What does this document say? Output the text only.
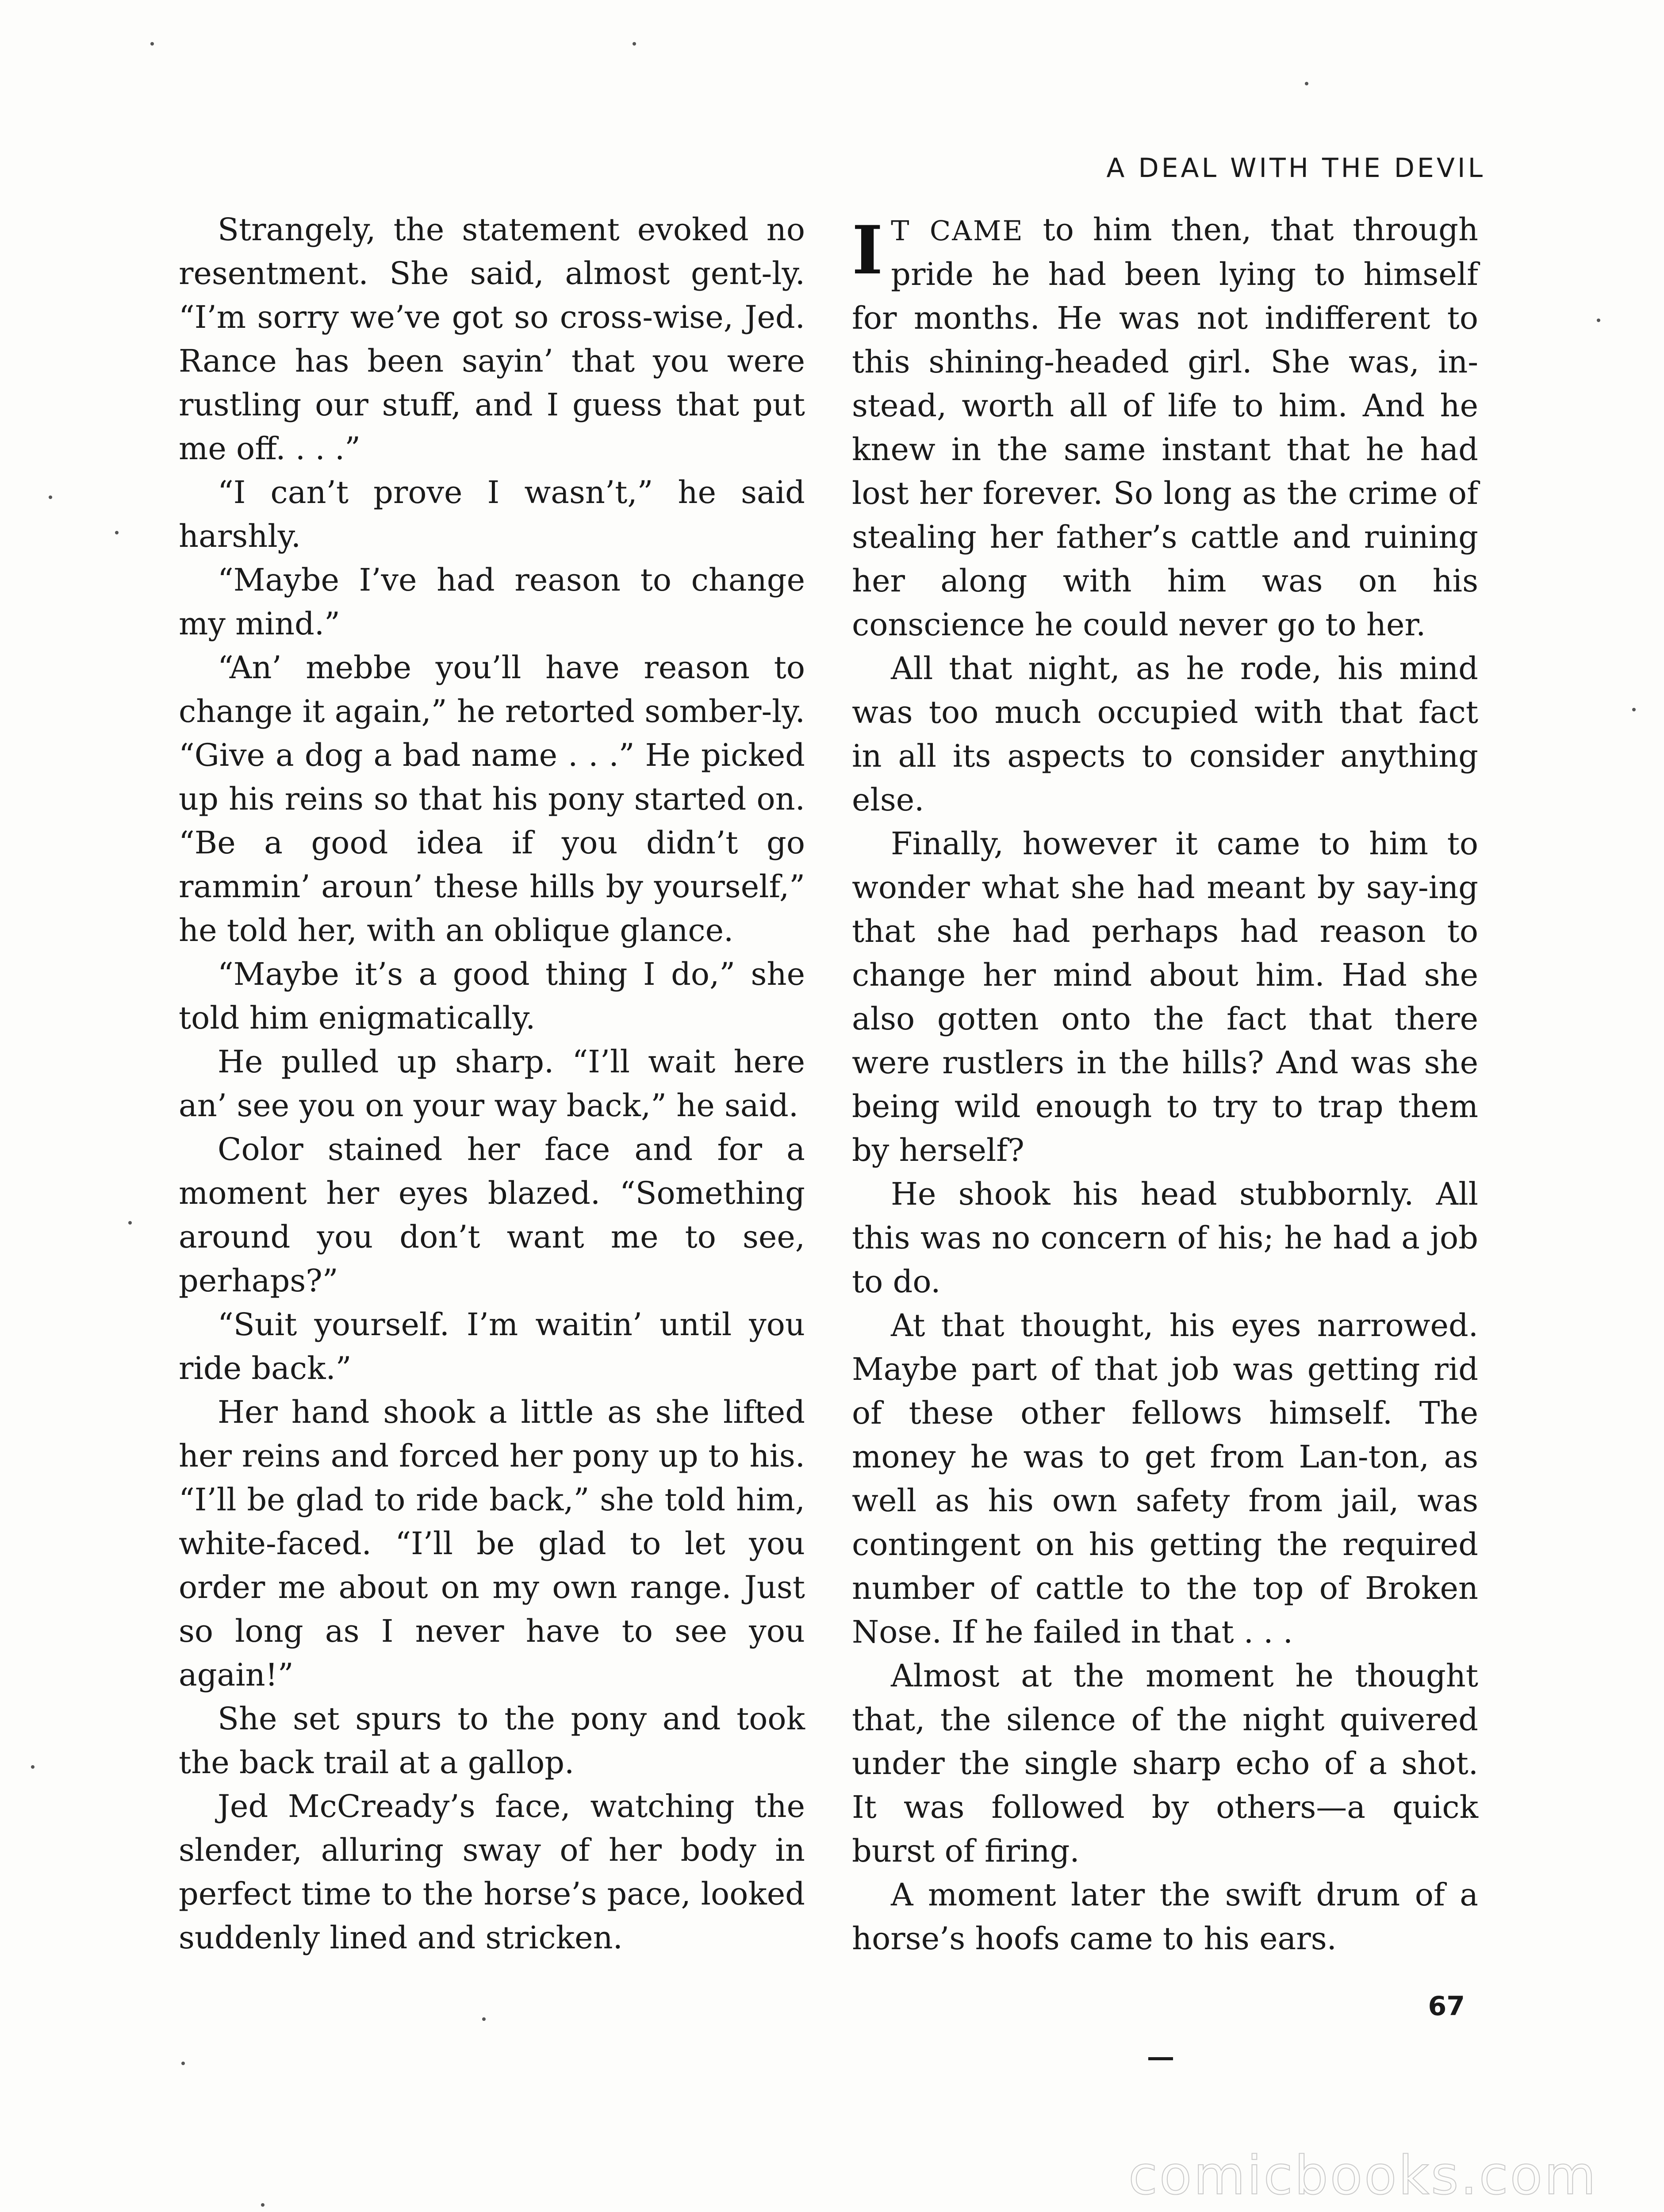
A DEAL WITH THE DEVIL

Strangely, the statement evoked no resentment. She said, almost gent-ly. “I’m sorry we’ve got so cross-wise, Jed. Rance has been sayin’ that you were rustling our stuff, and I guess that put me off. . . .”

“I can’t prove I wasn’t,” he said harshly.

“Maybe I’ve had reason to change my mind.”

“An’ mebbe you’ll have reason to change it again,” he retorted somber-ly. “Give a dog a bad name . . .” He picked up his reins so that his pony started on. “Be a good idea if you didn’t go rammin’ aroun’ these hills by yourself,” he told her, with an oblique glance.

“Maybe it’s a good thing I do,” she told him enigmatically.

He pulled up sharp. “I’ll wait here an’ see you on your way back,” he said.

Color stained her face and for a moment her eyes blazed. “Something around you don’t want me to see, perhaps?”

“Suit yourself. I’m waitin’ until you ride back.”

Her hand shook a little as she lifted her reins and forced her pony up to his. “I’ll be glad to ride back,” she told him, white-faced. “I’ll be glad to let you order me about on my own range. Just so long as I never have to see you again!”

She set spurs to the pony and took the back trail at a gallop.

Jed McCready’s face, watching the slender, alluring sway of her body in perfect time to the horse’s pace, looked suddenly lined and stricken.

I T CAME to him then, that through pride he had been lying to himself for months. He was not indifferent to this shining-headed girl. She was, in-stead, worth all of life to him. And he knew in the same instant that he had lost her forever. So long as the crime of stealing her father’s cattle and ruining her along with him was on his conscience he could never go to her.

All that night, as he rode, his mind was too much occupied with that fact in all its aspects to consider anything else.

Finally, however it came to him to wonder what she had meant by say-ing that she had perhaps had reason to change her mind about him. Had she also gotten onto the fact that there were rustlers in the hills? And was she being wild enough to try to trap them by herself?

He shook his head stubbornly. All this was no concern of his; he had a job to do.

At that thought, his eyes narrowed. Maybe part of that job was getting rid of these other fellows himself. The money he was to get from Lan-ton, as well as his own safety from jail, was contingent on his getting the required number of cattle to the top of Broken Nose. If he failed in that . . .

Almost at the moment he thought that, the silence of the night quivered under the single sharp echo of a shot. It was followed by others—a quick burst of firing.

A moment later the swift drum of a horse’s hoofs came to his ears.

67
comicbooks.com
